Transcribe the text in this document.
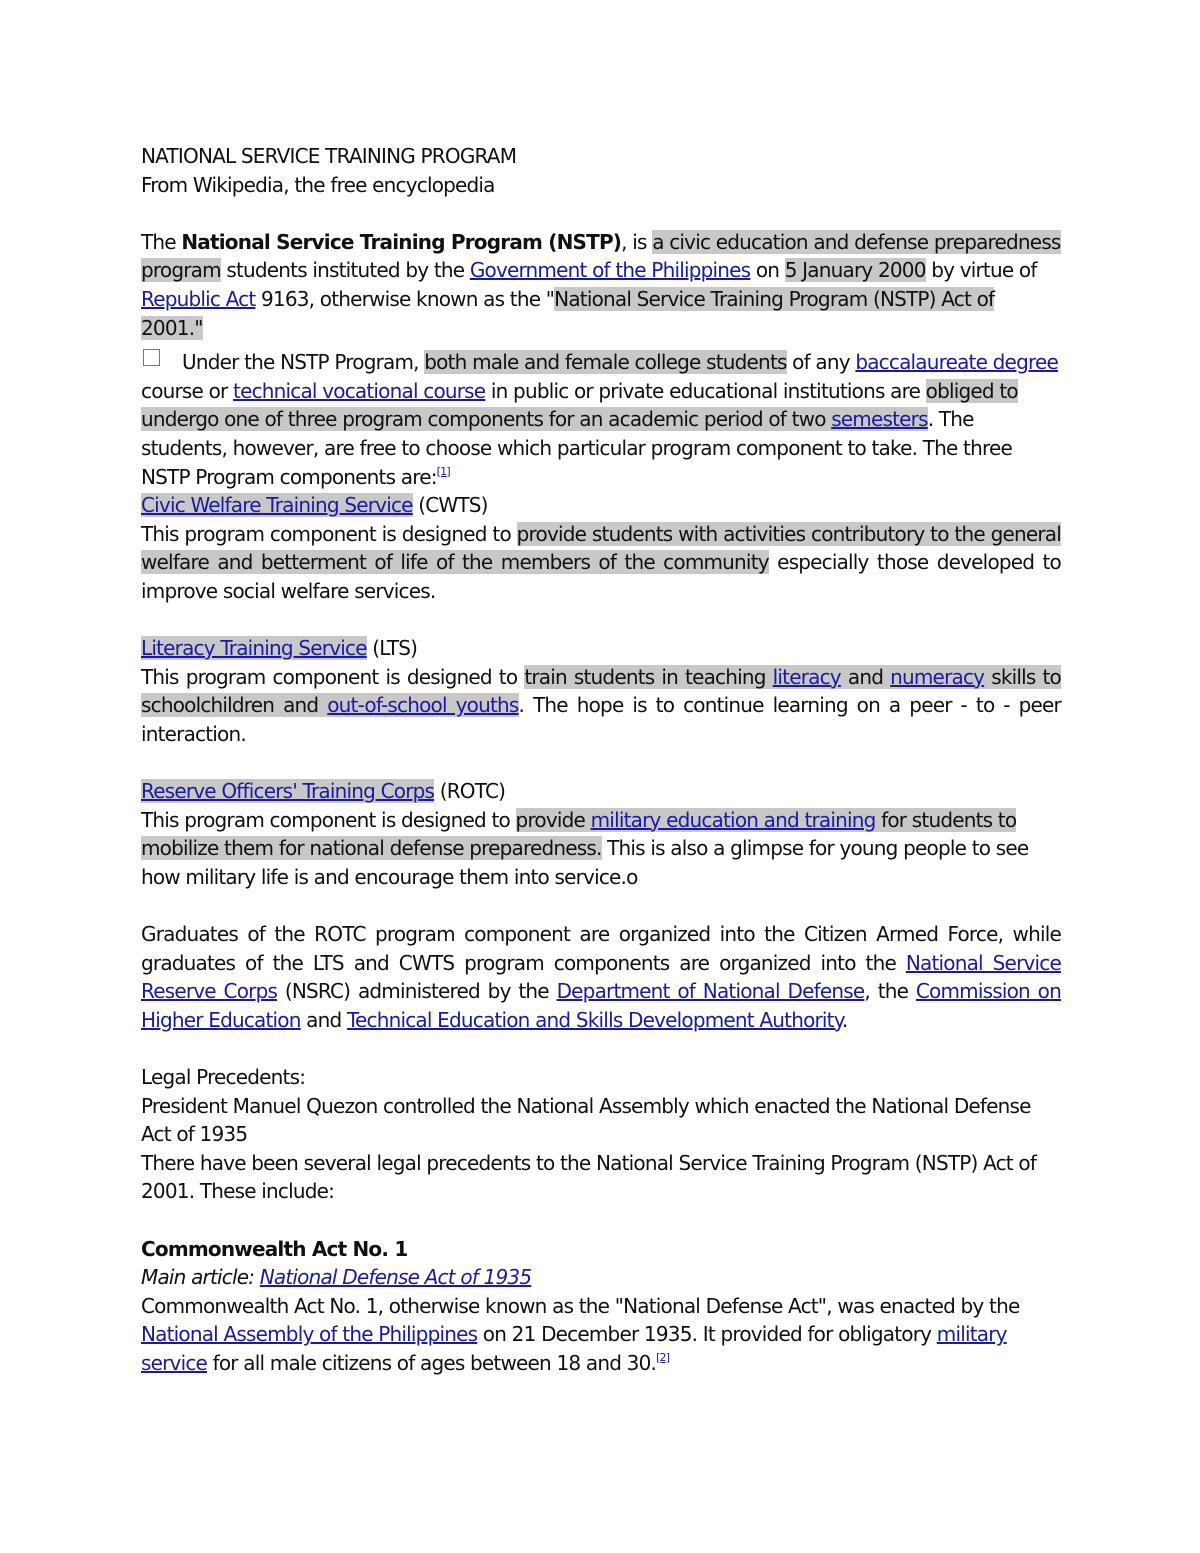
NATIONAL SERVICE TRAINING PROGRAM

From Wikipedia, the free encyclopedia

The National Service Training Program (NSTP), is a civic education and defense preparedness program students instituted by the Government of the Philippines on 5 January 2000 by virtue of Republic Act 9163, otherwise known as the "National Service Training Program (NSTP) Act of 2001."

Under the NSTP Program, both male and female college students of any baccalaureate degree course or technical vocational course in public or private educational institutions are obliged to undergo one of three program components for an academic period of two semesters. The students, however, are free to choose which particular program component to take. The three NSTP Program components are:[1]

Civic Welfare Training Service (CWTS)

This program component is designed to provide students with activities contributory to the general welfare and betterment of life of the members of the community especially those developed to improve social welfare services.

Literacy Training Service (LTS)

This program component is designed to train students in teaching literacy and numeracy skills to schoolchildren and out-of-school youths. The hope is to continue learning on a peer - to - peer interaction.

Reserve Officers' Training Corps (ROTC)

This program component is designed to provide military education and training for students to mobilize them for national defense preparedness. This is also a glimpse for young people to see how military life is and encourage them into service.o

Graduates of the ROTC program component are organized into the Citizen Armed Force, while graduates of the LTS and CWTS program components are organized into the National Service Reserve Corps (NSRC) administered by the Department of National Defense, the Commission on Higher Education and Technical Education and Skills Development Authority.

Legal Precedents:

President Manuel Quezon controlled the National Assembly which enacted the National Defense Act of 1935

There have been several legal precedents to the National Service Training Program (NSTP) Act of 2001. These include:

Commonwealth Act No. 1

Main article: National Defense Act of 1935

Commonwealth Act No. 1, otherwise known as the "National Defense Act", was enacted by the National Assembly of the Philippines on 21 December 1935. It provided for obligatory military service for all male citizens of ages between 18 and 30.[2]
